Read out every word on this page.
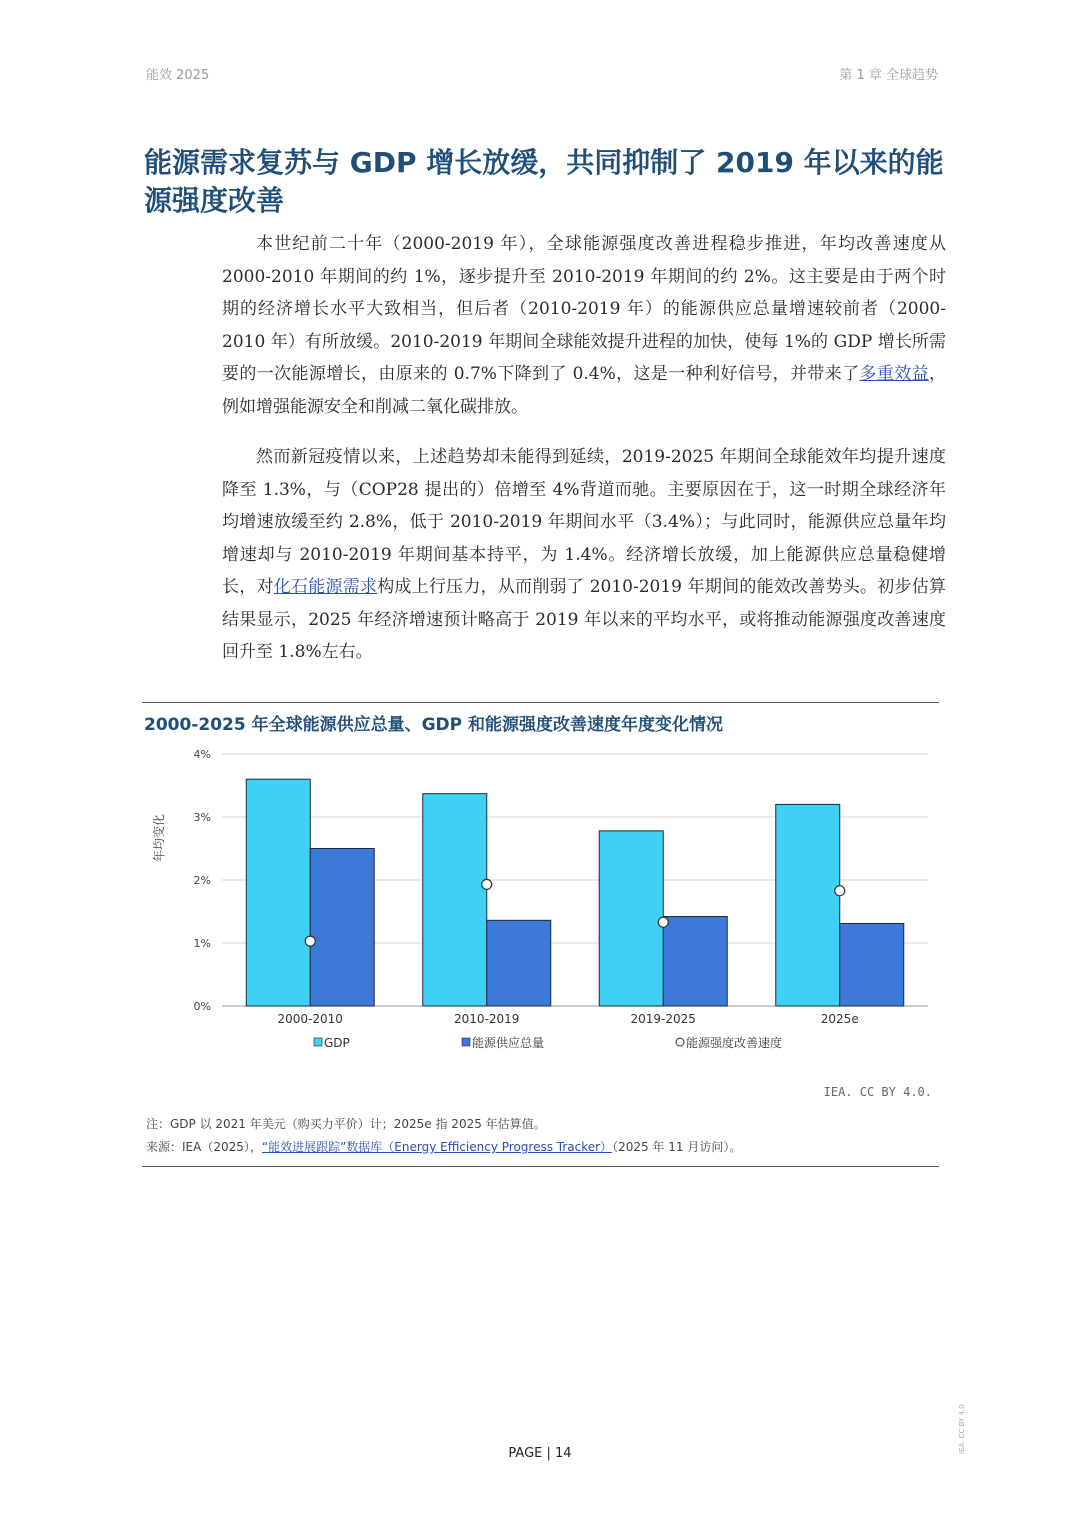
能效 2025	第 1 章 全球趋势
能源需求复苏与 GDP 增长放缓，共同抑制了 2019 年以来的能源强度改善

本世纪前二十年（2000-2019 年），全球能源强度改善进程稳步推进，年均改善速度从 2000-2010 年期间的约 1%，逐步提升至 2010-2019 年期间的约 2%。这主要是由于两个时期的经济增长水平大致相当，但后者（2010-2019 年）的能源供应总量增速较前者（2000-2010 年）有所放缓。2010-2019 年期间全球能效提升进程的加快，使每 1%的 GDP 增长所需要的一次能源增长，由原来的 0.7%下降到了 0.4%，这是一种利好信号，并带来了多重效益，例如增强能源安全和削减二氧化碳排放。

然而新冠疫情以来，上述趋势却未能得到延续，2019-2025 年期间全球能效年均提升速度降至 1.3%，与（COP28 提出的）倍增至 4%背道而驰。主要原因在于，这一时期全球经济年均增速放缓至约 2.8%，低于 2010-2019 年期间水平（3.4%）；与此同时，能源供应总量年均增速却与 2010-2019 年期间基本持平，为 1.4%。经济增长放缓，加上能源供应总量稳健增长，对化石能源需求构成上行压力，从而削弱了 2010-2019 年期间的能效改善势头。初步估算结果显示，2025 年经济增速预计略高于 2019 年以来的平均水平，或将推动能源强度改善速度回升至 1.8%左右。

2000-2025 年全球能源供应总量、GDP 和能源强度改善速度年度变化情况
0%
1%
2%
3%
4%
年均变化
2000-2010	2010-2019	2019-2025	2025e
GDP	能源供应总量	能源强度改善速度
IEA. CC BY 4.0.
注：GDP 以 2021 年美元（购买力平价）计；2025e 指 2025 年估算值。
来源：IEA（2025），“能效进展跟踪”数据库（Energy Efficiency Progress Tracker）（2025 年 11 月访问）。
PAGE | 14	IEA. CC BY 4.0
